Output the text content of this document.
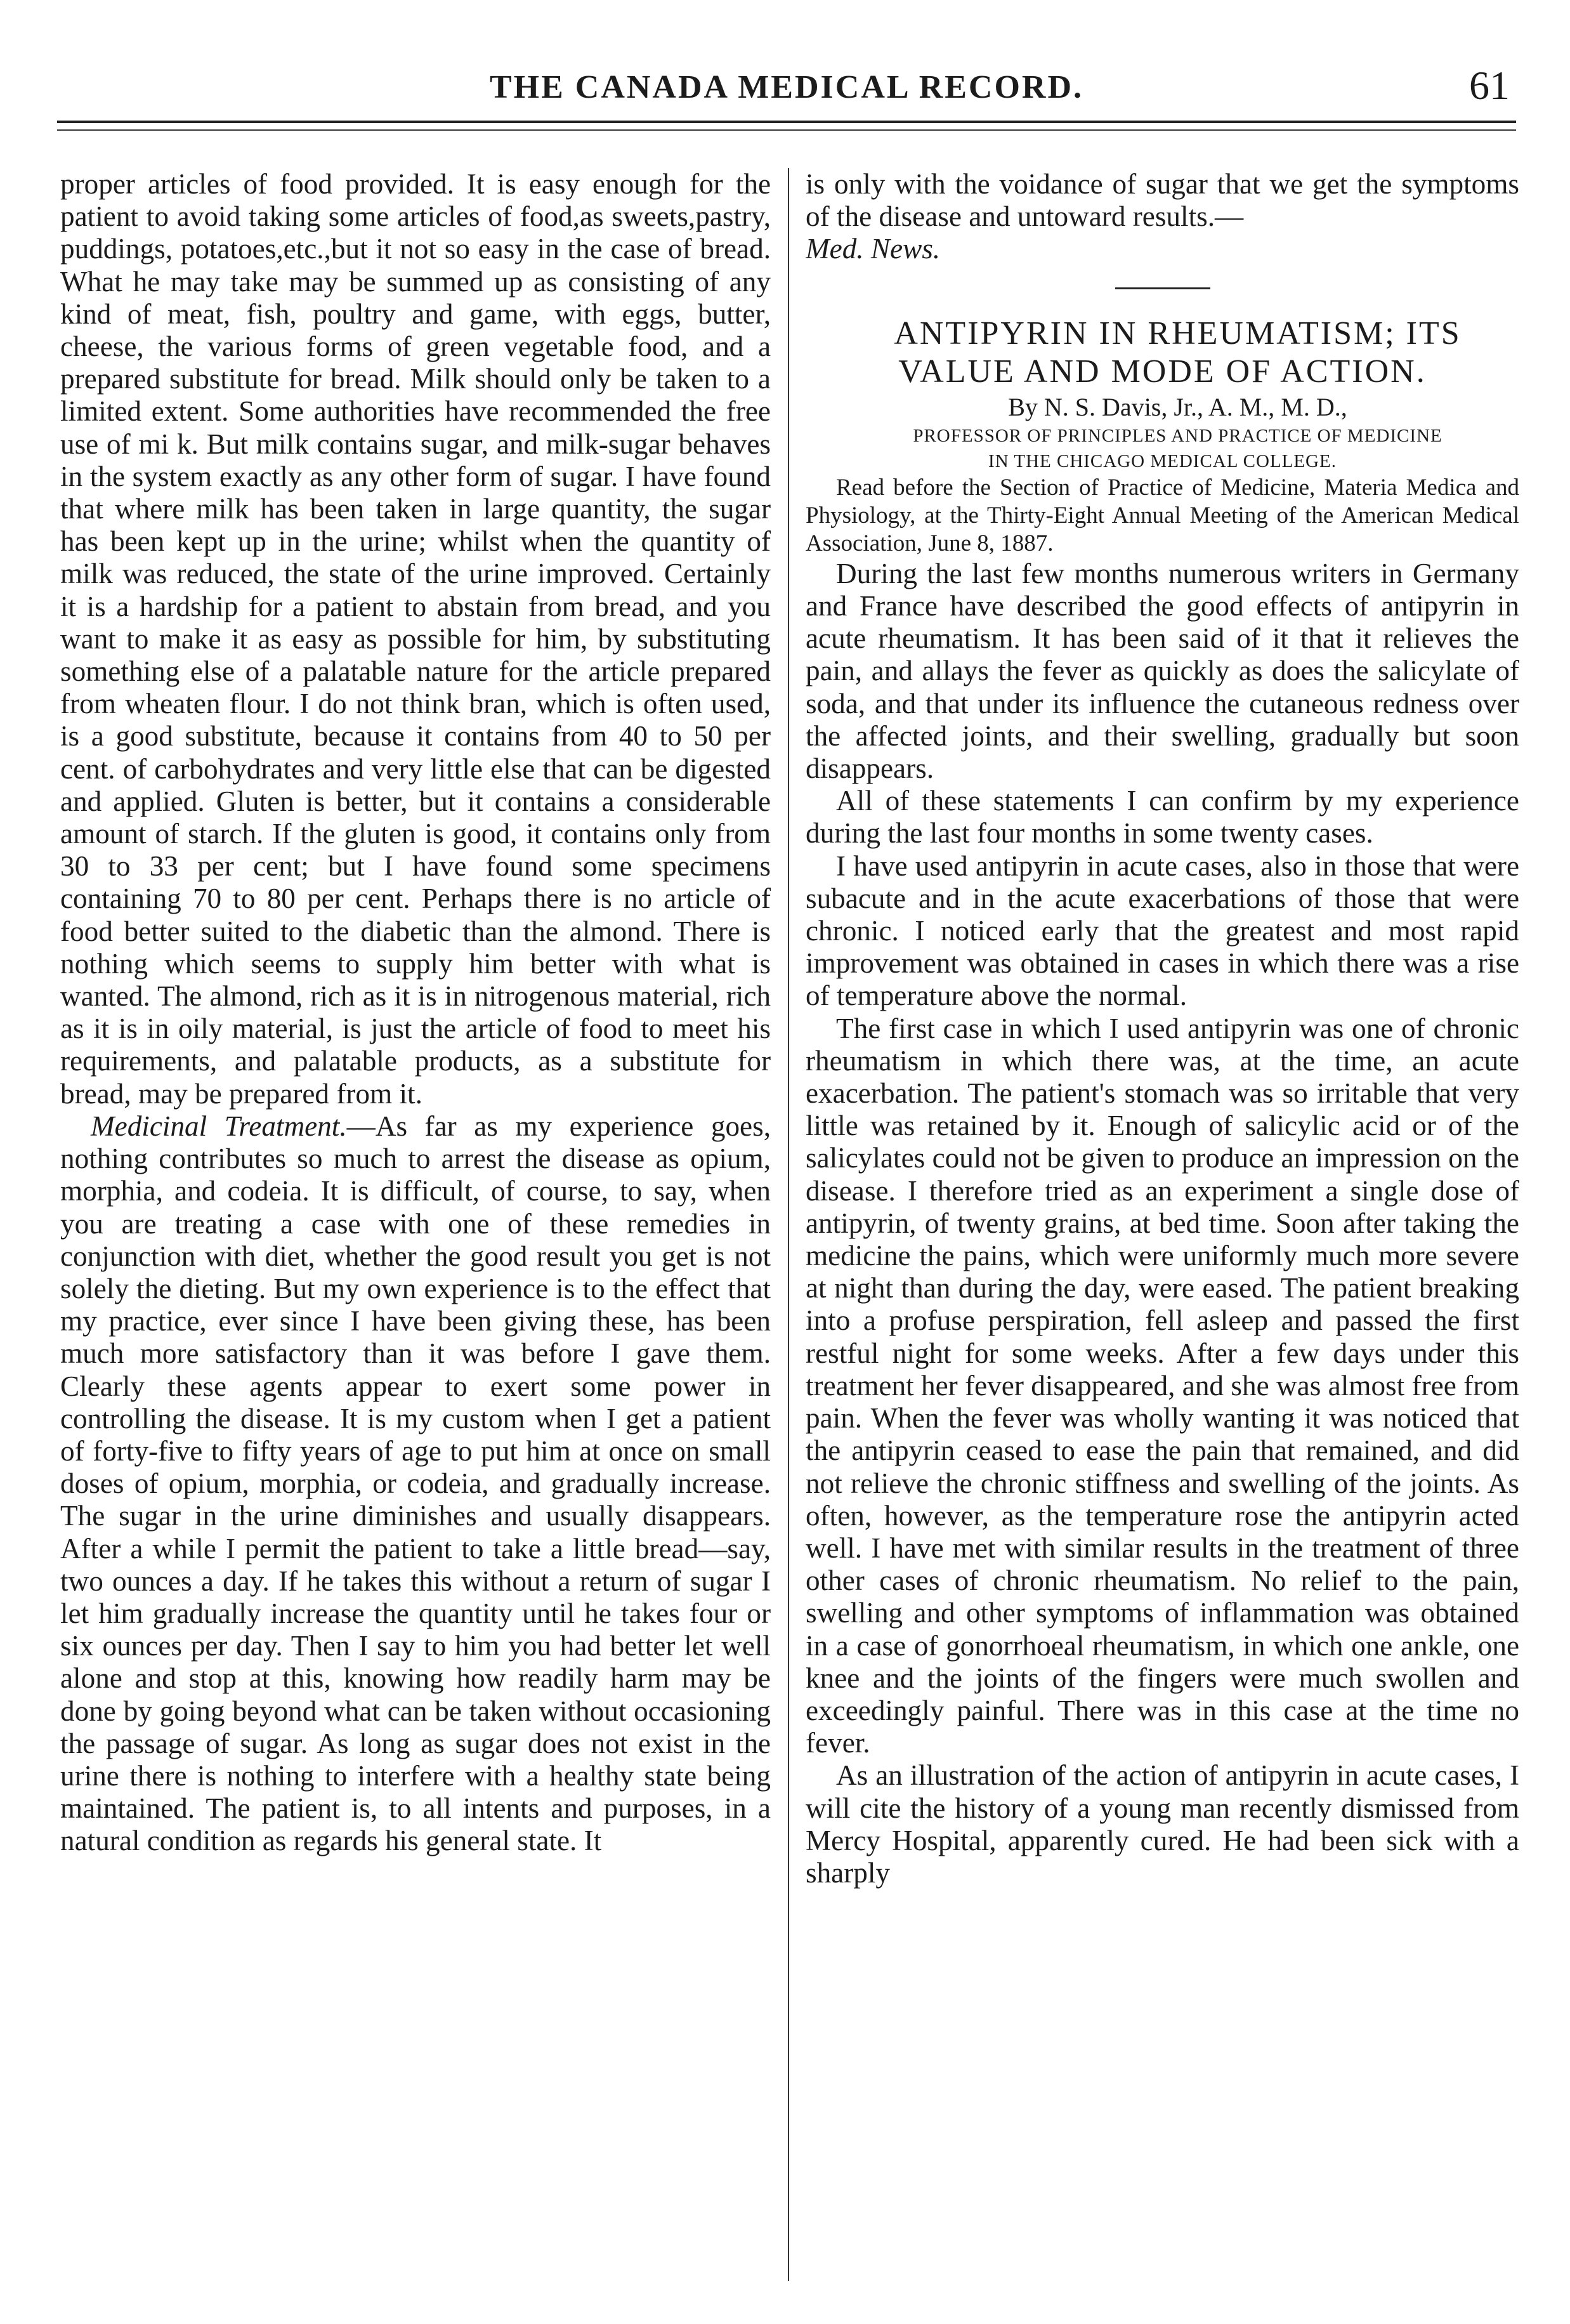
THE CANADA MEDICAL RECORD.	61

proper articles of food provided. It is easy enough for the patient to avoid taking some articles of food,as sweets,pastry, puddings, potatoes,etc.,but it not so easy in the case of bread. What he may take may be summed up as consisting of any kind of meat, fish, poultry and game, with eggs, butter, cheese, the various forms of green vegetable food, and a prepared substitute for bread. Milk should only be taken to a limited extent. Some authorities have recommended the free use of mi k. But milk contains sugar, and milk-sugar behaves in the system exactly as any other form of sugar. I have found that where milk has been taken in large quantity, the sugar has been kept up in the urine; whilst when the quantity of milk was reduced, the state of the urine improved. Certainly it is a hardship for a patient to abstain from bread, and you want to make it as easy as possible for him, by substituting something else of a palatable nature for the article prepared from wheaten flour. I do not think bran, which is often used, is a good substitute, because it contains from 40 to 50 per cent. of carbohydrates and very little else that can be digested and applied. Gluten is better, but it contains a considerable amount of starch. If the gluten is good, it contains only from 30 to 33 per cent; but I have found some specimens containing 70 to 80 per cent. Perhaps there is no article of food better suited to the diabetic than the almond. There is nothing which seems to supply him better with what is wanted. The almond, rich as it is in nitrogenous material, rich as it is in oily material, is just the article of food to meet his requirements, and palatable products, as a substitute for bread, may be prepared from it.

Medicinal Treatment.—As far as my experience goes, nothing contributes so much to arrest the disease as opium, morphia, and codeia. It is difficult, of course, to say, when you are treating a case with one of these remedies in conjunction with diet, whether the good result you get is not solely the dieting. But my own experience is to the effect that my practice, ever since I have been giving these, has been much more satisfactory than it was before I gave them. Clearly these agents appear to exert some power in controlling the disease. It is my custom when I get a patient of forty-five to fifty years of age to put him at once on small doses of opium, morphia, or codeia, and gradually increase. The sugar in the urine diminishes and usually disappears. After a while I permit the patient to take a little bread—say, two ounces a day. If he takes this without a return of sugar I let him gradually increase the quantity until he takes four or six ounces per day. Then I say to him you had better let well alone and stop at this, knowing how readily harm may be done by going beyond what can be taken without occasioning the passage of sugar. As long as sugar does not exist in the urine there is nothing to interfere with a healthy state being maintained. The patient is, to all intents and purposes, in a natural condition as regards his general state. It

is only with the voidance of sugar that we get the symptoms of the disease and untoward results.—
Med. News.

ANTIPYRIN IN RHEUMATISM; ITS
VALUE AND MODE OF ACTION.

By N. S. Davis, Jr., A. M., M. D.,

PROFESSOR OF PRINCIPLES AND PRACTICE OF MEDICINE
IN THE CHICAGO MEDICAL COLLEGE.

Read before the Section of Practice of Medicine, Materia Medica and Physiology, at the Thirty-Eight Annual Meeting of the American Medical Association, June 8, 1887.

During the last few months numerous writers in Germany and France have described the good effects of antipyrin in acute rheumatism. It has been said of it that it relieves the pain, and allays the fever as quickly as does the salicylate of soda, and that under its influence the cutaneous redness over the affected joints, and their swelling, gradually but soon disappears.

All of these statements I can confirm by my experience during the last four months in some twenty cases.

I have used antipyrin in acute cases, also in those that were subacute and in the acute exacerbations of those that were chronic. I noticed early that the greatest and most rapid improvement was obtained in cases in which there was a rise of temperature above the normal.

The first case in which I used antipyrin was one of chronic rheumatism in which there was, at the time, an acute exacerbation. The patient's stomach was so irritable that very little was retained by it. Enough of salicylic acid or of the salicylates could not be given to produce an impression on the disease. I therefore tried as an experiment a single dose of antipyrin, of twenty grains, at bed time. Soon after taking the medicine the pains, which were uniformly much more severe at night than during the day, were eased. The patient breaking into a profuse perspiration, fell asleep and passed the first restful night for some weeks. After a few days under this treatment her fever disappeared, and she was almost free from pain. When the fever was wholly wanting it was noticed that the antipyrin ceased to ease the pain that remained, and did not relieve the chronic stiffness and swelling of the joints. As often, however, as the temperature rose the antipyrin acted well. I have met with similar results in the treatment of three other cases of chronic rheumatism. No relief to the pain, swelling and other symptoms of inflammation was obtained in a case of gonorrhoeal rheumatism, in which one ankle, one knee and the joints of the fingers were much swollen and exceedingly painful. There was in this case at the time no fever.

As an illustration of the action of antipyrin in acute cases, I will cite the history of a young man recently dismissed from Mercy Hospital, apparently cured. He had been sick with a sharply
